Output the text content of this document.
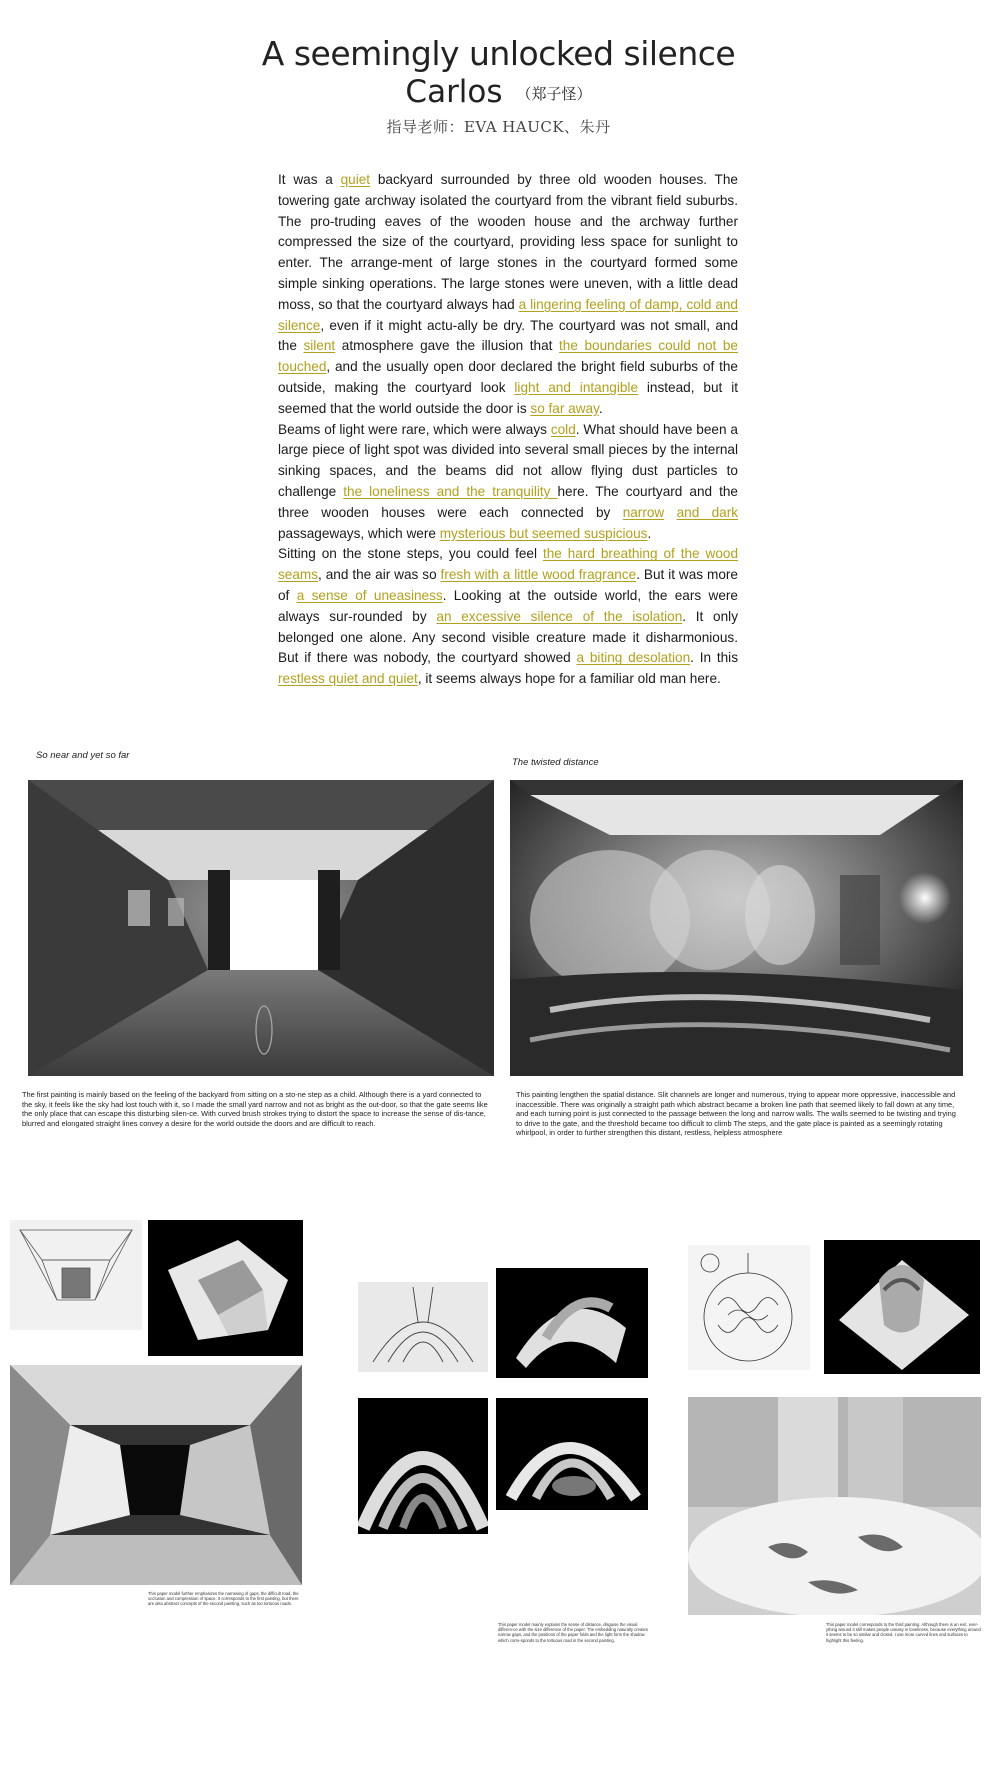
A seemingly unlocked silence
Carlos （郑子怪）
指导老师：EVA HAUCK、朱丹

It was a quiet backyard surrounded by three old wooden houses. The towering gate archway isolated the courtyard from the vibrant field suburbs. The pro-truding eaves of the wooden house and the archway further compressed the size of the courtyard, providing less space for sunlight to enter. The arrange-ment of large stones in the courtyard formed some simple sinking operations. The large stones were uneven, with a little dead moss, so that the courtyard always had a lingering feeling of damp, cold and silence, even if it might actu-ally be dry. The courtyard was not small, and the silent atmosphere gave the illusion that the boundaries could not be touched, and the usually open door declared the bright field suburbs of the outside, making the courtyard look light and intangible instead, but it seemed that the world outside the door is so far away.

Beams of light were rare, which were always cold. What should have been a large piece of light spot was divided into several small pieces by the internal sinking spaces, and the beams did not allow flying dust particles to challenge the loneliness and the tranquility here. The courtyard and the three wooden houses were each connected by narrow and dark passageways, which were mysterious but seemed suspicious.

Sitting on the stone steps, you could feel the hard breathing of the wood seams, and the air was so fresh with a little wood fragrance. But it was more of a sense of uneasiness. Looking at the outside world, the ears were always sur-rounded by an excessive silence of the isolation. It only belonged one alone. Any second visible creature made it disharmonious. But if there was nobody, the courtyard showed a biting desolation. In this restless quiet and quiet, it seems always hope for a familiar old man here.

So near and yet so far
The twisted distance
The first painting is mainly based on the feeling of the backyard from sitting on a sto-ne step as a child. Although there is a yard connected to the sky, it feels like the sky had lost touch with it, so I made the small yard narrow and not as bright as the out-door, so that the gate seems like the only place that can escape this disturbing silen-ce. With curved brush strokes trying to distort the space to increase the sense of dis-tance, blurred and elongated straight lines convey a desire for the world outside the doors and are difficult to reach.
This painting lengthen the spatial distance. Slit channels are longer and numerous, trying to appear more oppressive, inaccessible and inaccessible. There was originally a straight path which abstract became a broken line path that seemed likely to fall down at any time, and each turning point is just connected to the passage between the long and narrow walls. The walls seemed to be twisting and trying to drive to the gate, and the threshold became too difficult to climb The steps, and the gate place is painted as a seemingly rotating whirlpool, in order to further strengthen this distant, restless, helpless atmosphere
This paper model further emphasizes the narrowing of gaps, the difficult road, the occlusion and compression of space. It corresponds to the first painting, but there are also abstract concepts of the second painting, such as too tortuous roads.
This paper model mainly explains the sense of distance, disguise the visual differen-ce with the size difference of the paper. The embedding naturally creates narrow gaps, and the positions of the paper folds and the light form the shadow which corre-sponds to the tortuous road in the second painting.
This paper model corresponds to the third painting. Although there is an exit, ever-ything around it still makes people uneasy in loneliness, because everything around it seems to be so similar and closed. I use more curved lines and surfaces to highlight this feeling.
